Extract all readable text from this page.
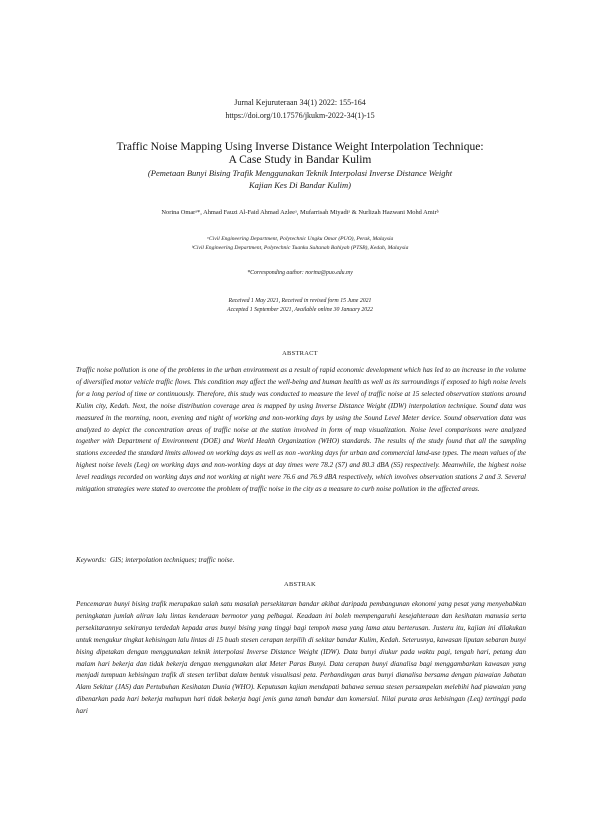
Jurnal Kejuruteraan 34(1) 2022: 155-164
https://doi.org/10.17576/jkukm-2022-34(1)-15
Traffic Noise Mapping Using Inverse Distance Weight Interpolation Technique:
A Case Study in Bandar Kulim
(Pemetaan Bunyi Bising Trafik Menggunakan Teknik Interpolasi Inverse Distance Weight
Kajian Kes Di Bandar Kulim)
Norina Omarᵃ*, Ahmad Fauzi Al-Faid Ahmad Azleeᵃ, Mufarrisah Miyadiᵃ & Nurlizah Hazwani Mohd Amirᵇ
ᵃCivil Engineering Department, Polytechnic Ungku Omar (PUO), Perak, Malaysia
ᵇCivil Engineering Department, Polytechnic Tuanku Sultanah Bahiyah (PTSB), Kedah, Malaysia
*Corresponding author: norina@puo.edu.my
Received 1 May 2021, Received in revised form 15 June 2021
Accepted 1 September 2021, Available online 30 January 2022
ABSTRACT

Traffic noise pollution is one of the problems in the urban environment as a result of rapid economic development which has led to an increase in the volume of diversified motor vehicle traffic flows. This condition may affect the well-being and human health as well as its surroundings if exposed to high noise levels for a long period of time or continuously. Therefore, this study was conducted to measure the level of traffic noise at 15 selected observation stations around Kulim city, Kedah. Next, the noise distribution coverage area is mapped by using Inverse Distance Weight (IDW) interpolation technique. Sound data was measured in the morning, noon, evening and night of working and non-working days by using the Sound Level Meter device. Sound observation data was analyzed to depict the concentration areas of traffic noise at the station involved in form of map visualization. Noise level comparisons were analyzed together with Department of Environment (DOE) and World Health Organization (WHO) standards. The results of the study found that all the sampling stations exceeded the standard limits allowed on working days as well as non -working days for urban and commercial land-use types. The mean values of the highest noise levels (Leq) on working days and non-working days at day times were 78.2 (S7) and 80.3 dBA (S5) respectively. Meanwhile, the highest noise level readings recorded on working days and not working at night were 76.6 and 76.9 dBA respectively, which involves observation stations 2 and 3. Several mitigation strategies were stated to overcome the problem of traffic noise in the city as a measure to curb noise pollution in the affected areas.

Keywords: GIS; interpolation techniques; traffic noise.
ABSTRAK

Pencemaran bunyi bising trafik merupakan salah satu masalah persekitaran bandar akibat daripada pembangunan ekonomi yang pesat yang menyebabkan peningkatan jumlah aliran lalu lintas kenderaan bermotor yang pelbagai. Keadaan ini boleh mempengaruhi kesejahteraan dan kesihatan manusia serta persekitarannya sekiranya terdedah kepada aras bunyi bising yang tinggi bagi tempoh masa yang lama atau berterusan. Justeru itu, kajian ini dilakukan untuk mengukur tingkat kebisingan lalu lintas di 15 buah stesen cerapan terpilih di sekitar bandar Kulim, Kedah. Seterusnya, kawasan liputan sebaran bunyi bising dipetakan dengan menggunakan teknik interpolasi Inverse Distance Weight (IDW). Data bunyi diukur pada waktu pagi, tengah hari, petang dan malam hari bekerja dan tidak bekerja dengan menggunakan alat Meter Paras Bunyi. Data cerapan bunyi dianalisa bagi menggambarkan kawasan yang menjadi tumpuan kebisingan trafik di stesen terlibat dalam bentuk visualisasi peta. Perbandingan aras bunyi dianalisa bersama dengan piawaian Jabatan Alam Sekitar (JAS) dan Pertubuhan Kesihatan Dunia (WHO). Keputusan kajian mendapati bahawa semua stesen persampelan melebihi had piawaian yang dibenarkan pada hari bekerja mahupun hari tidak bekerja bagi jenis guna tanah bandar dan komersial. Nilai purata aras kebisingan (Leq) tertinggi pada hari
